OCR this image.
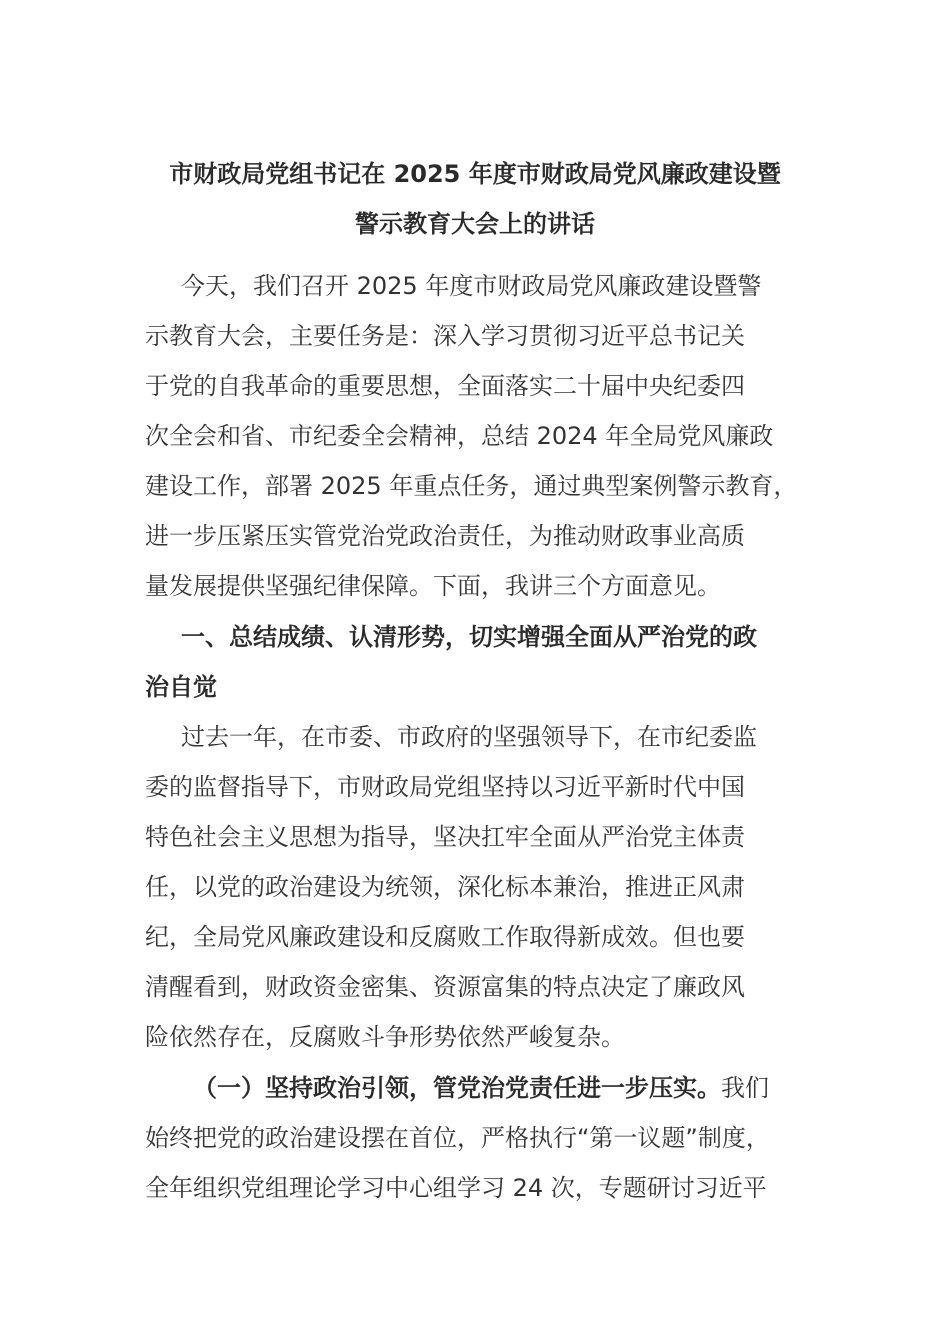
市财政局党组书记在 2025 年度市财政局党风廉政建设暨
警示教育大会上的讲话
今天，我们召开 2025 年度市财政局党风廉政建设暨警
示教育大会，主要任务是：深入学习贯彻习近平总书记关
于党的自我革命的重要思想，全面落实二十届中央纪委四
次全会和省、市纪委全会精神，总结 2024 年全局党风廉政
建设工作，部署 2025 年重点任务，通过典型案例警示教育，
进一步压紧压实管党治党政治责任，为推动财政事业高质
量发展提供坚强纪律保障。下面，我讲三个方面意见。
一、总结成绩、认清形势，切实增强全面从严治党的政
治自觉
过去一年，在市委、市政府的坚强领导下，在市纪委监
委的监督指导下，市财政局党组坚持以习近平新时代中国
特色社会主义思想为指导，坚决扛牢全面从严治党主体责
任，以党的政治建设为统领，深化标本兼治，推进正风肃
纪，全局党风廉政建设和反腐败工作取得新成效。但也要
清醒看到，财政资金密集、资源富集的特点决定了廉政风
险依然存在，反腐败斗争形势依然严峻复杂。
（一）坚持政治引领，管党治党责任进一步压实。我们
始终把党的政治建设摆在首位，严格执行“第一议题”制度，
全年组织党组理论学习中心组学习 24 次，专题研讨习近平
